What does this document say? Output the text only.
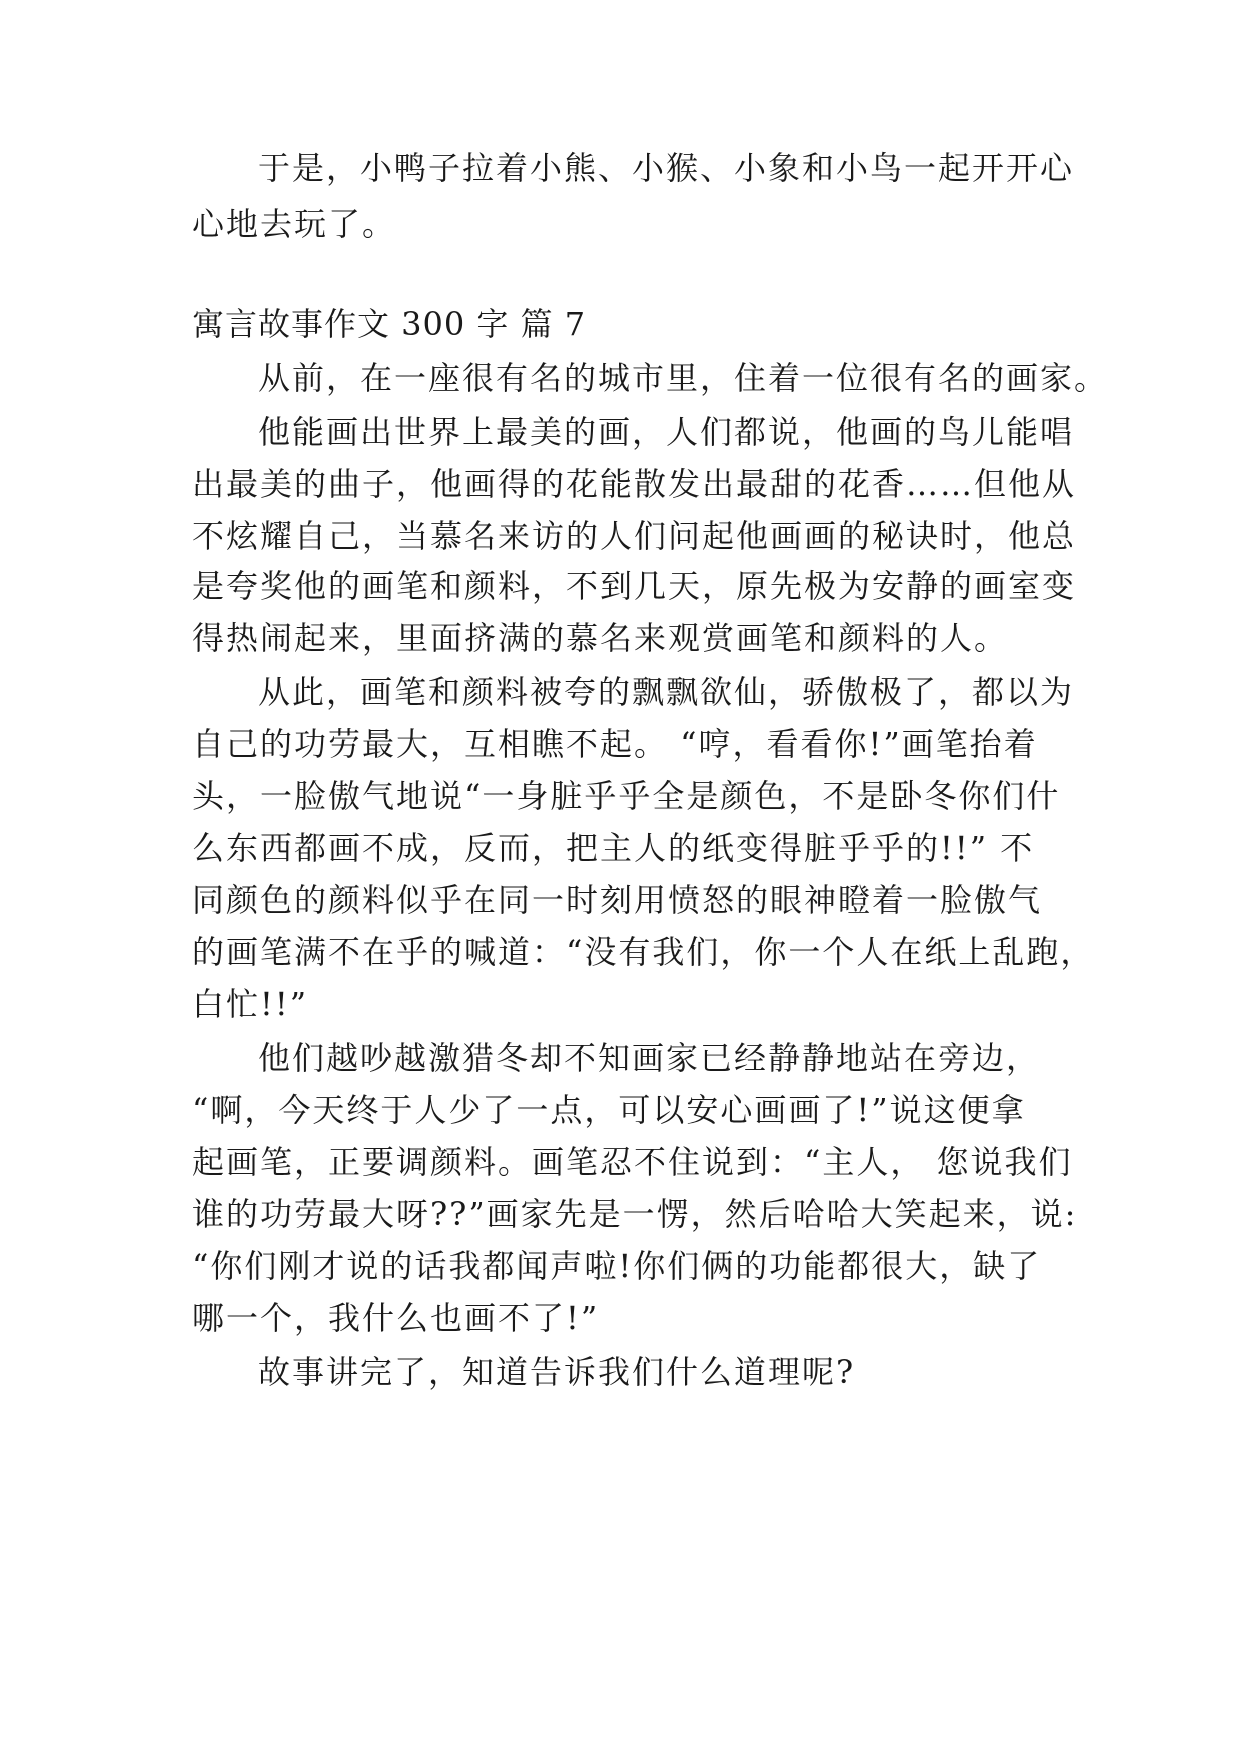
于是，小鸭子拉着小熊、小猴、小象和小鸟一起开开心
心地去玩了。
寓言故事作文 300 字 篇 7
从前，在一座很有名的城市里，住着一位很有名的画家。
他能画出世界上最美的画，人们都说，他画的鸟儿能唱
出最美的曲子，他画得的花能散发出最甜的花香……但他从
不炫耀自己，当慕名来访的人们问起他画画的秘诀时，他总
是夸奖他的画笔和颜料，不到几天，原先极为安静的画室变
得热闹起来，里面挤满的慕名来观赏画笔和颜料的人。
从此，画笔和颜料被夸的飘飘欲仙，骄傲极了，都以为
自己的功劳最大，互相瞧不起。 “哼，看看你!”画笔抬着
头，一脸傲气地说“一身脏乎乎全是颜色，不是卧冬你们什
么东西都画不成，反而，把主人的纸变得脏乎乎的!!” 不
同颜色的颜料似乎在同一时刻用愤怒的眼神瞪着一脸傲气
的画笔满不在乎的喊道：“没有我们，你一个人在纸上乱跑，
白忙!!”
他们越吵越激猎冬却不知画家已经静静地站在旁边，
“啊，今天终于人少了一点，可以安心画画了!”说这便拿
起画笔，正要调颜料。画笔忍不住说到：“主人， 您说我们
谁的功劳最大呀??”画家先是一愣，然后哈哈大笑起来，说:
“你们刚才说的话我都闻声啦!你们俩的功能都很大，缺了
哪一个，我什么也画不了!”
故事讲完了，知道告诉我们什么道理呢?
